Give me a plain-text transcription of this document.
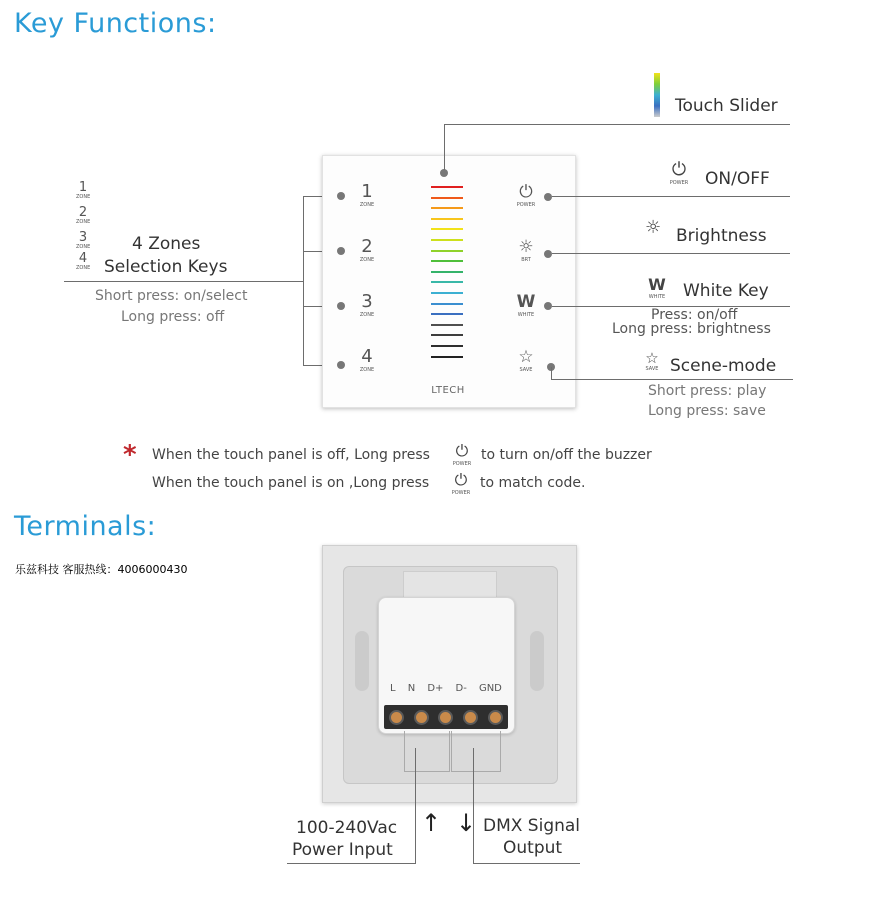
Key Functions:
Terminals:
1
ZONE
2
ZONE
3
ZONE
4
ZONE
4 Zones
Selection Keys
Short press: on/select
Long press: off
1
ZONE
2
ZONE
3
ZONE
4
ZONE
LTECH
⏻
POWER
☼
BRT
W
WHITE
☆
SAVE
Touch Slider
⏻
POWER ON/OFF
☼ Brightness
W
WHITE White Key
Press: on/off
Long press: brightness
☆
SAVE Scene-mode
Short press: play
Long press: save
* When the touch panel is off, Long press	⏻
POWER
to turn on/off the buzzer
When the touch panel is on ,Long press	⏻
POWER
to match code.
乐兹科技 客服热线：4006000430
L N D+ D- GND
↑ ↓
100-240Vac
Power Input
DMX Signal
Output
